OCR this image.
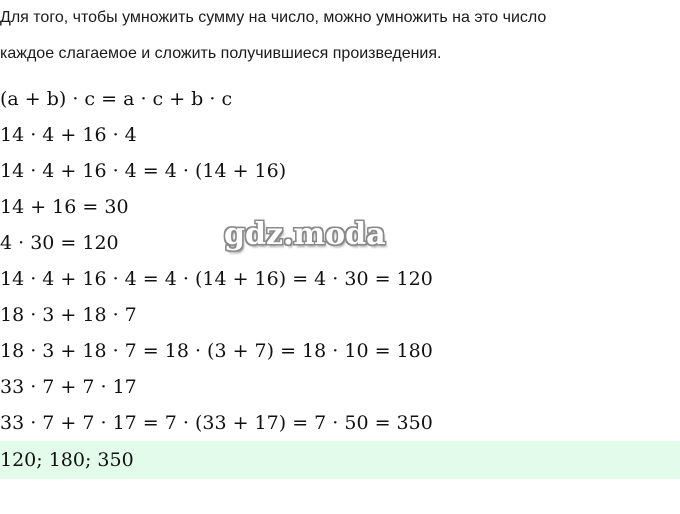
Для того, чтобы умножить сумму на число, можно умножить на это число
каждое слагаемое и сложить получившиеся произведения.
(a + b) · c = a · c + b · c
14 · 4 + 16 · 4
14 · 4 + 16 · 4 = 4 · (14 + 16)
14 + 16 = 30
4 · 30 = 120
14 · 4 + 16 · 4 = 4 · (14 + 16) = 4 · 30 = 120
18 · 3 + 18 · 7
18 · 3 + 18 · 7 = 18 · (3 + 7) = 18 · 10 = 180
33 · 7 + 7 · 17
33 · 7 + 7 · 17 = 7 · (33 + 17) = 7 · 50 = 350
120; 180; 350
gdz.moda
